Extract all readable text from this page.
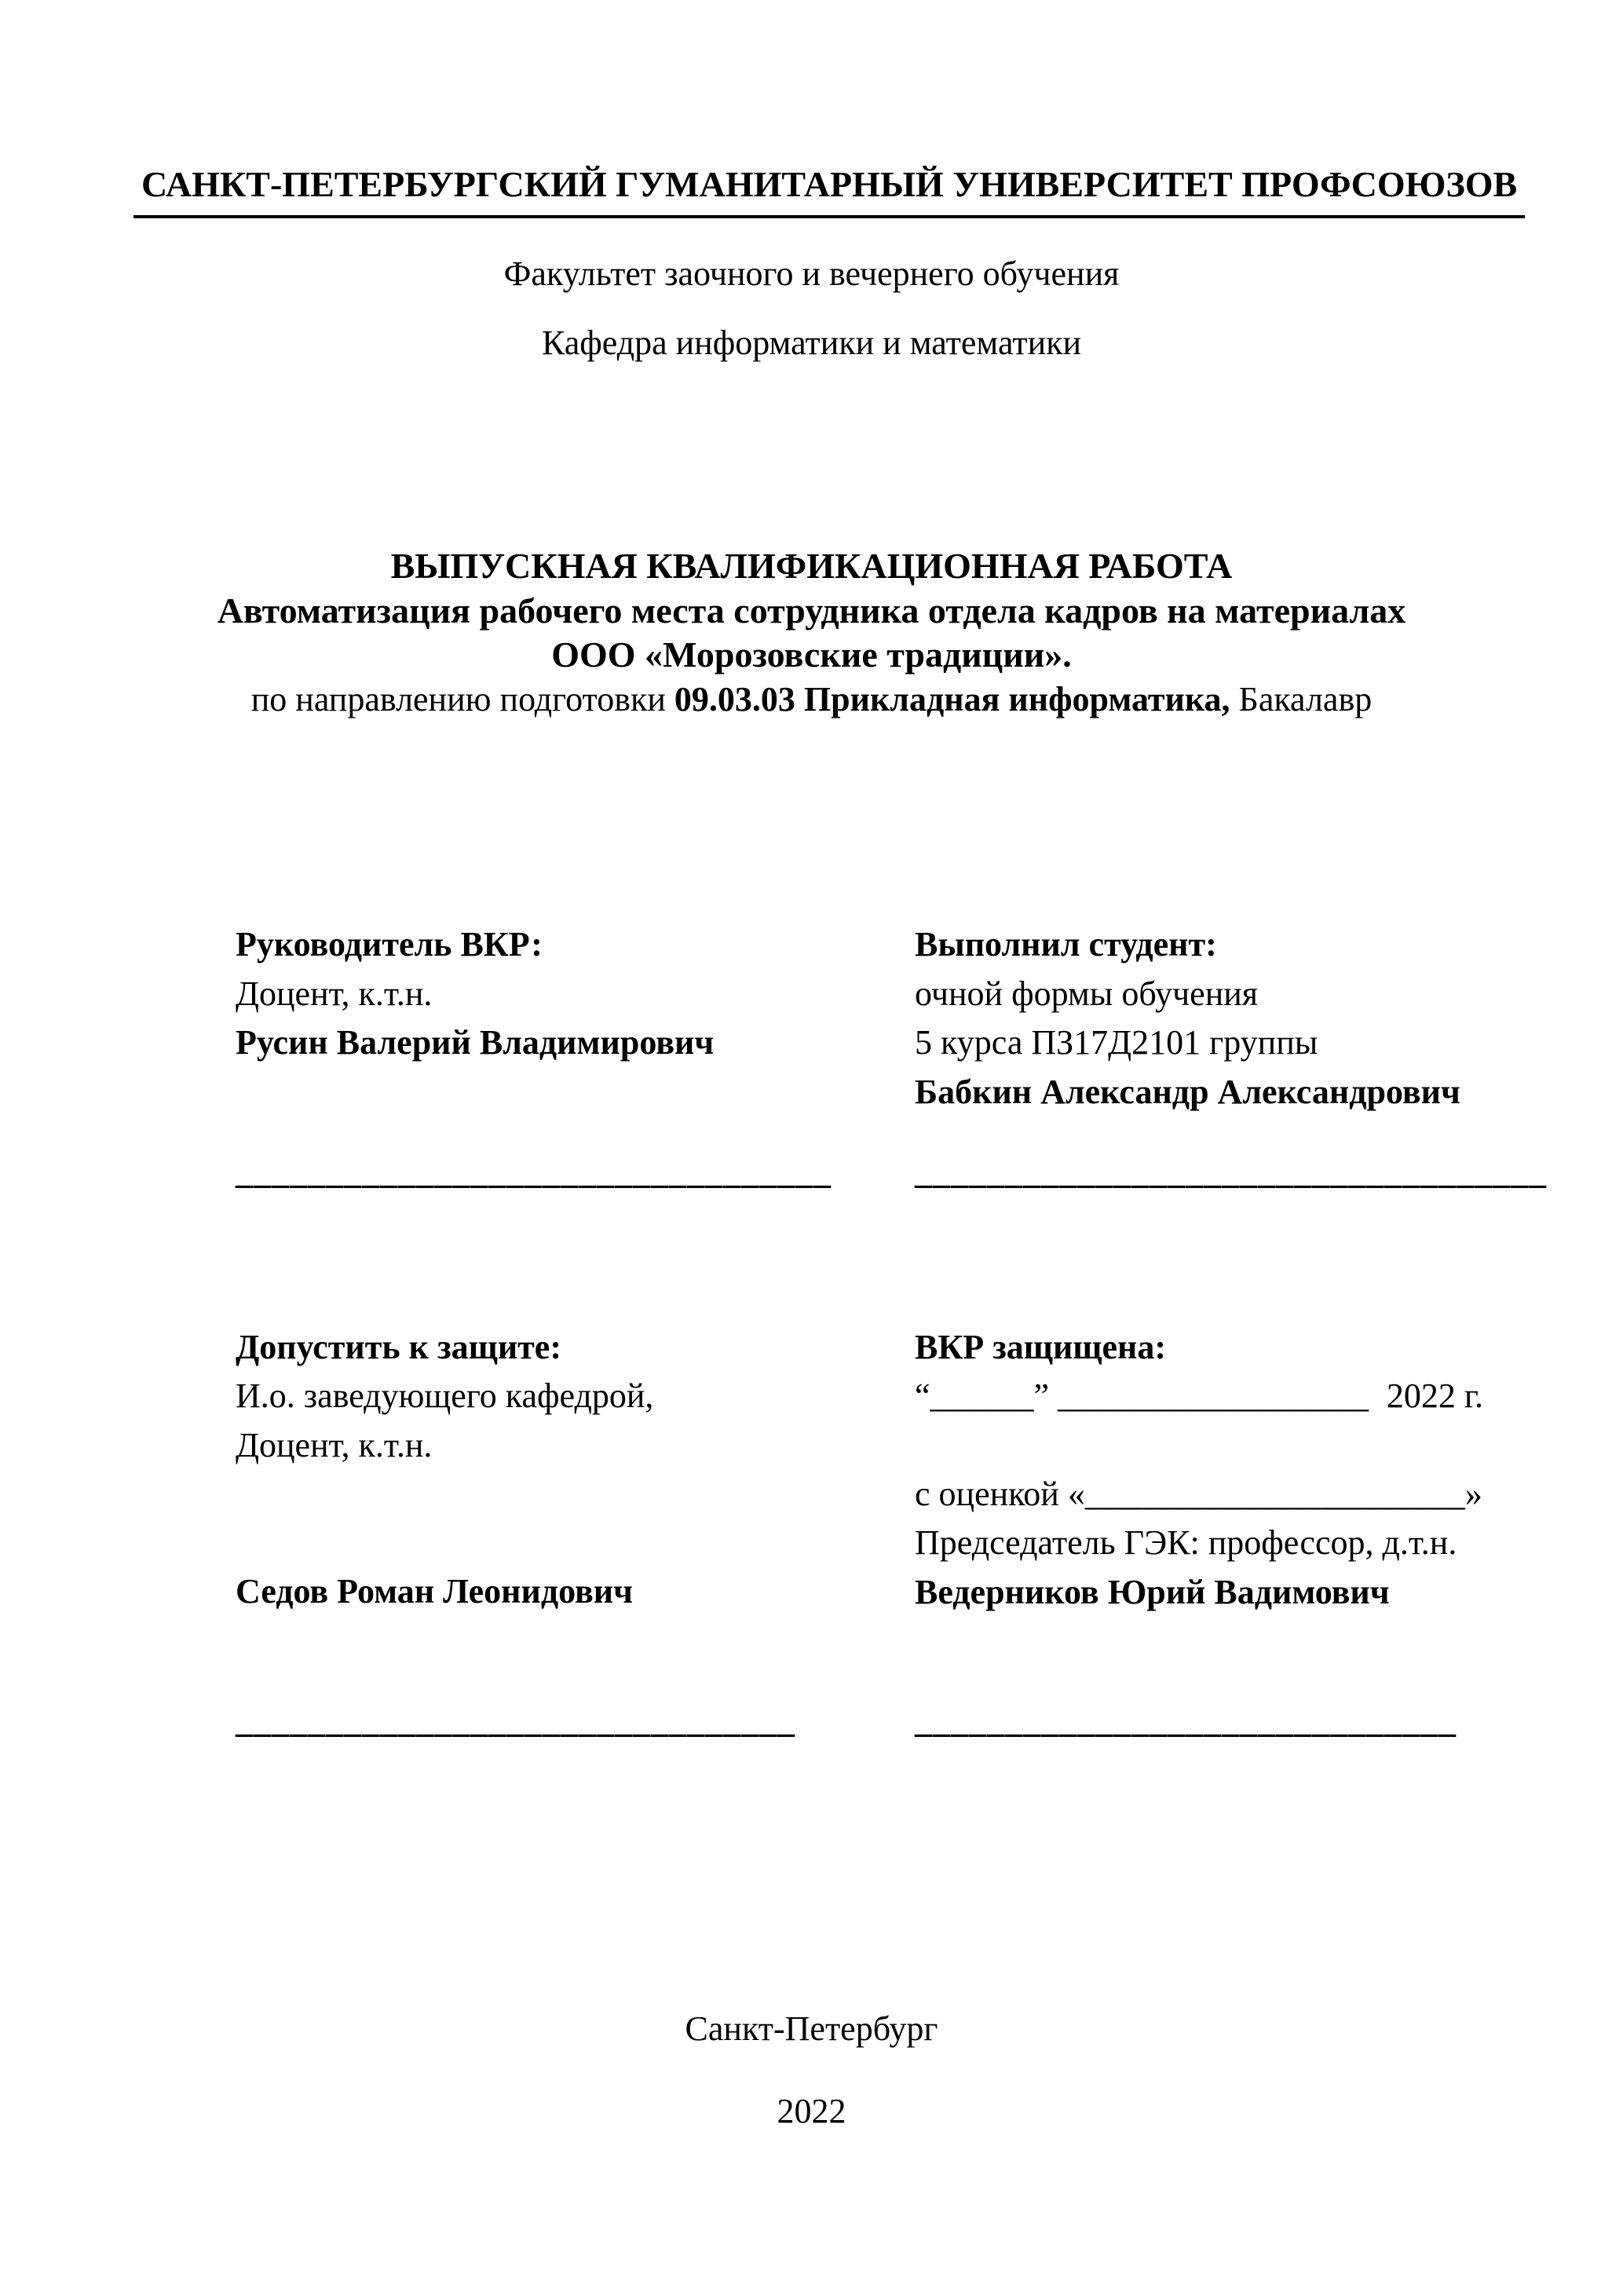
САНКТ-ПЕТЕРБУРГСКИЙ ГУМАНИТАРНЫЙ УНИВЕРСИТЕТ ПРОФСОЮЗОВ
Факультет заочного и вечернего обучения
Кафедра информатики и математики
ВЫПУСКНАЯ КВАЛИФИКАЦИОННАЯ РАБОТА
Автоматизация рабочего места сотрудника отдела кадров на материалах
ООО «Морозовские традиции».
по направлению подготовки 09.03.03 Прикладная информатика, Бакалавр
Руководитель ВКР:
Доцент, к.т.н.
Русин Валерий Владимирович
_________________________________
Выполнил студент:
очной формы обучения
5 курса ПЗ17Д2101 группы
Бабкин Александр Александрович
___________________________________
Допустить к защите:
И.о. заведующего кафедрой,
Доцент, к.т.н.
Седов Роман Леонидович
_______________________________
ВКР защищена:
“______” __________________ 2022 г.
с оценкой «______________________»
Председатель ГЭК: профессор, д.т.н.
Ведерников Юрий Вадимович
______________________________
Санкт-Петербург
2022
